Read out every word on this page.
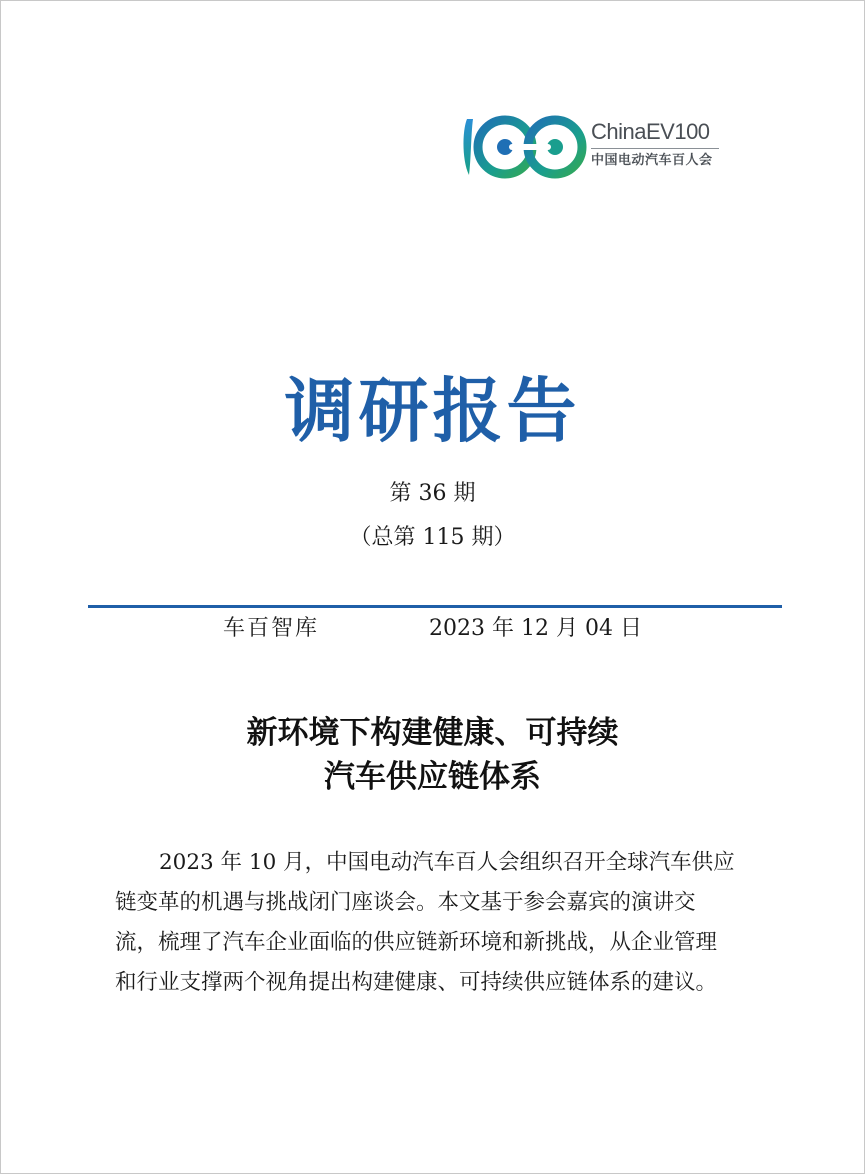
ChinaEV100
中国电动汽车百人会
调研报告
第 36 期
（总第 115 期）
车百智库	2023 年 12 月 04 日
新环境下构建健康、可持续
汽车供应链体系
2023 年 10 月，中国电动汽车百人会组织召开全球汽车供应
链变革的机遇与挑战闭门座谈会。本文基于参会嘉宾的演讲交
流，梳理了汽车企业面临的供应链新环境和新挑战，从企业管理
和行业支撑两个视角提出构建健康、可持续供应链体系的建议。
